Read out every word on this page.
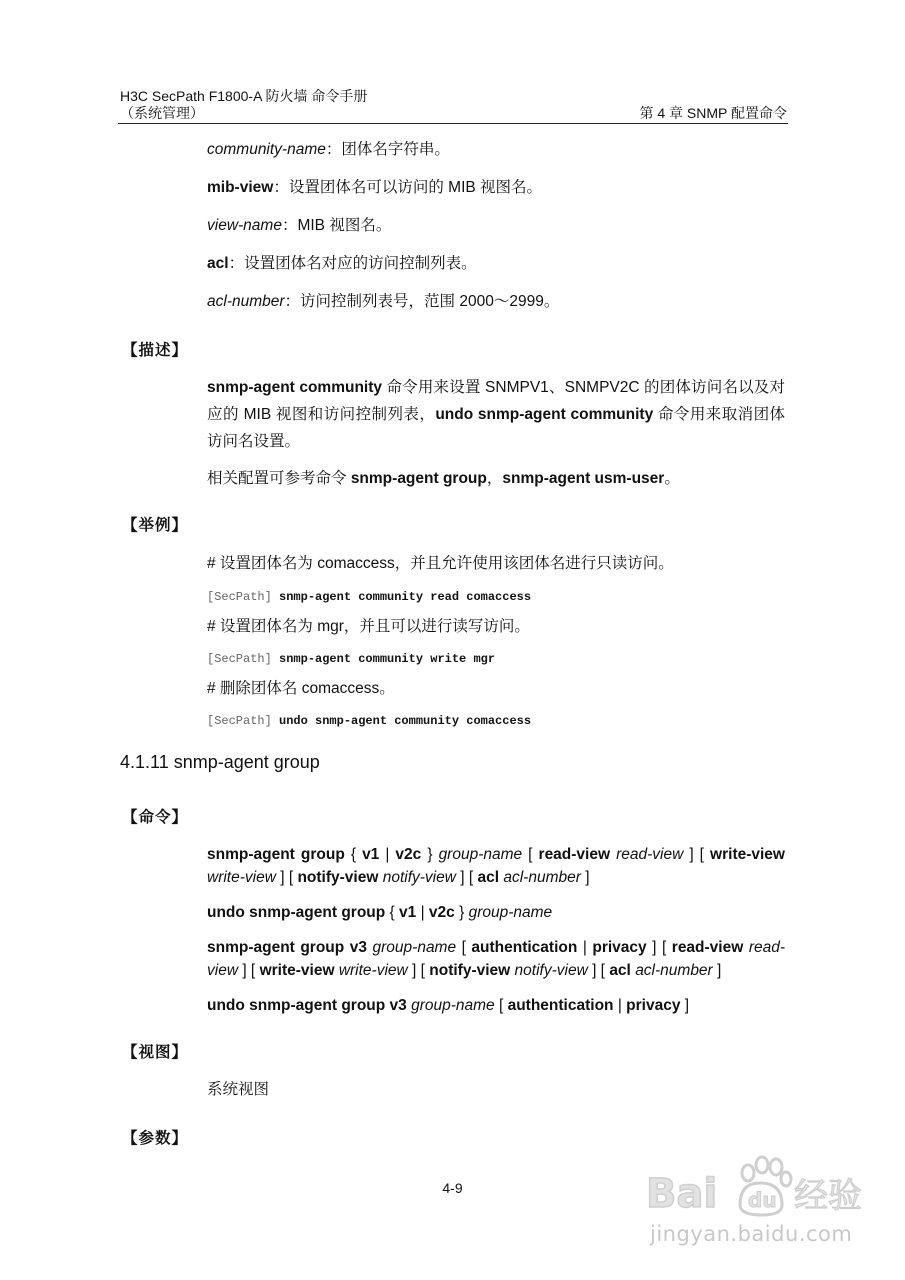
H3C SecPath F1800-A 防火墙 命令手册
（系统管理）	第 4 章 SNMP 配置命令
community-name：团体名字符串。
mib-view：设置团体名可以访问的 MIB 视图名。
view-name：MIB 视图名。
acl：设置团体名对应的访问控制列表。
acl-number：访问控制列表号，范围 2000～2999。
【描述】
snmp-agent community 命令用来设置 SNMPV1、SNMPV2C 的团体访问名以及对应的 MIB 视图和访问控制列表，undo snmp-agent community 命令用来取消团体访问名设置。
相关配置可参考命令 snmp-agent group，snmp-agent usm-user。
【举例】
# 设置团体名为 comaccess，并且允许使用该团体名进行只读访问。
[SecPath] snmp-agent community read comaccess
# 设置团体名为 mgr，并且可以进行读写访问。
[SecPath] snmp-agent community write mgr
# 删除团体名 comaccess。
[SecPath] undo snmp-agent community comaccess
4.1.11 snmp-agent group
【命令】
snmp-agent group { v1 | v2c } group-name [ read-view read-view ] [ write-view write-view ] [ notify-view notify-view ] [ acl acl-number ]
undo snmp-agent group { v1 | v2c } group-name
snmp-agent group v3 group-name [ authentication | privacy ] [ read-view read-view ] [ write-view write-view ] [ notify-view notify-view ] [ acl acl-number ]
undo snmp-agent group v3 group-name [ authentication | privacy ]
【视图】
系统视图
【参数】
4-9	Bai du 经验
jingyan.baidu.com
